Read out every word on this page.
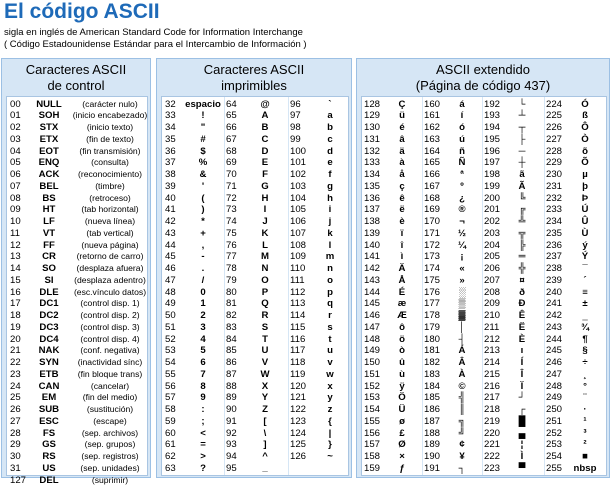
El código ASCII
sigla en inglés de American Standard Code for Information Interchange
( Código Estadounidense Estándar para el Intercambio de Información )
Caracteres ASCII
de control
00	NULL	(carácter nulo)
01	SOH	(inicio encabezado)
02	STX	(inicio texto)
03	ETX	(fin de texto)
04	EOT	(fin transmisión)
05	ENQ	(consulta)
06	ACK	(reconocimiento)
07	BEL	(timbre)
08	BS	(retroceso)
09	HT	(tab horizontal)
10	LF	(nueva línea)
11	VT	(tab vertical)
12	FF	(nueva página)
13	CR	(retorno de carro)
14	SO	(desplaza afuera)
15	SI	(desplaza adentro)
16	DLE	(esc.vínculo datos)
17	DC1	(control disp. 1)
18	DC2	(control disp. 2)
19	DC3	(control disp. 3)
20	DC4	(control disp. 4)
21	NAK	(conf. negativa)
22	SYN	(inactividad sínc)
23	ETB	(fin bloque trans)
24	CAN	(cancelar)
25	EM	(fin del medio)
26	SUB	(sustitución)
27	ESC	(escape)
28	FS	(sep. archivos)
29	GS	(sep. grupos)
30	RS	(sep. registros)
31	US	(sep. unidades)
127	DEL	(suprimir)
Caracteres ASCII
imprimibles
32 espacio 64	@	96	`
33	!	65	A	97	a
34	"	66	B	98	b
35	#	67	C	99	c
36	$	68	D	100	d
37	%	69	E	101	e
38	&	70	F	102	f
39	'	71	G	103	g
40	(	72	H	104	h
41	)	73	I	105	i
42	*	74	J	106	j
43	+	75	K	107	k
44	,	76	L	108	l
45	-	77	M	109	m
46	.	78	N	110	n
47	/	79	O	111	o
48	0	80	P	112	p
49	1	81	Q	113	q
50	2	82	R	114	r
51	3	83	S	115	s
52	4	84	T	116	t
53	5	85	U	117	u
54	6	86	V	118	v
55	7	87	W	119	w
56	8	88	X	120	x
57	9	89	Y	121	y
58	:	90	Z	122	z
59	;	91	[	123	{
60	<	92	\	124	|
61	=	93	]	125	}
62	>	94	^	126	~
63	?	95	_
ASCII extendido
(Página de código 437)
128	Ç	160	á	192	└	224	Ó
129	ü	161	í	193	┴	225	ß
130	é	162	ó	194	┬	226	Ô
131	â	163	ú	195	├	227	Ò
132	ä	164	ñ	196	─	228	õ
133	à	165	Ñ	197	┼	229	Õ
134	å	166	ª	198	ã	230	µ
135	ç	167	º	199	Ã	231	þ
136	ê	168	¿	200	╚	232	Þ
137	ë	169	®	201	╔	233	Ú
138	è	170	¬	202	╩	234	Û
139	ï	171	½	203	╦	235	Ù
140	î	172	¼	204	╠	236	ý
141	ì	173	¡	205	═	237	Ý
142	Ä	174	«	206	╬	238	¯
143	Å	175	»	207	¤	239	´
144	É	176	░	208	ð	240	≡
145	æ	177	▒	209	Ð	241	±
146	Æ	178	▓	210	Ê	242	‗
147	ô	179	│	211	Ë	243	¾
148	ö	180	┤	212	È	244	¶
149	ò	181	Á	213	ı	245	§
150	û	182	Â	214	Í	246	÷
151	ù	183	À	215	Î	247	¸
152	ÿ	184	©	216	Ï	248	°
153	Ö	185	╣	217	┘	249	¨
154	Ü	186	║	218	┌	250	·
155	ø	187	╗	219	█	251	¹
156	£	188	╝	220	▄	252	³
157	Ø	189	¢	221	¦	253	²
158	×	190	¥	222	Ì	254	■
159	ƒ	191	┐	223	▀	255	nbsp
